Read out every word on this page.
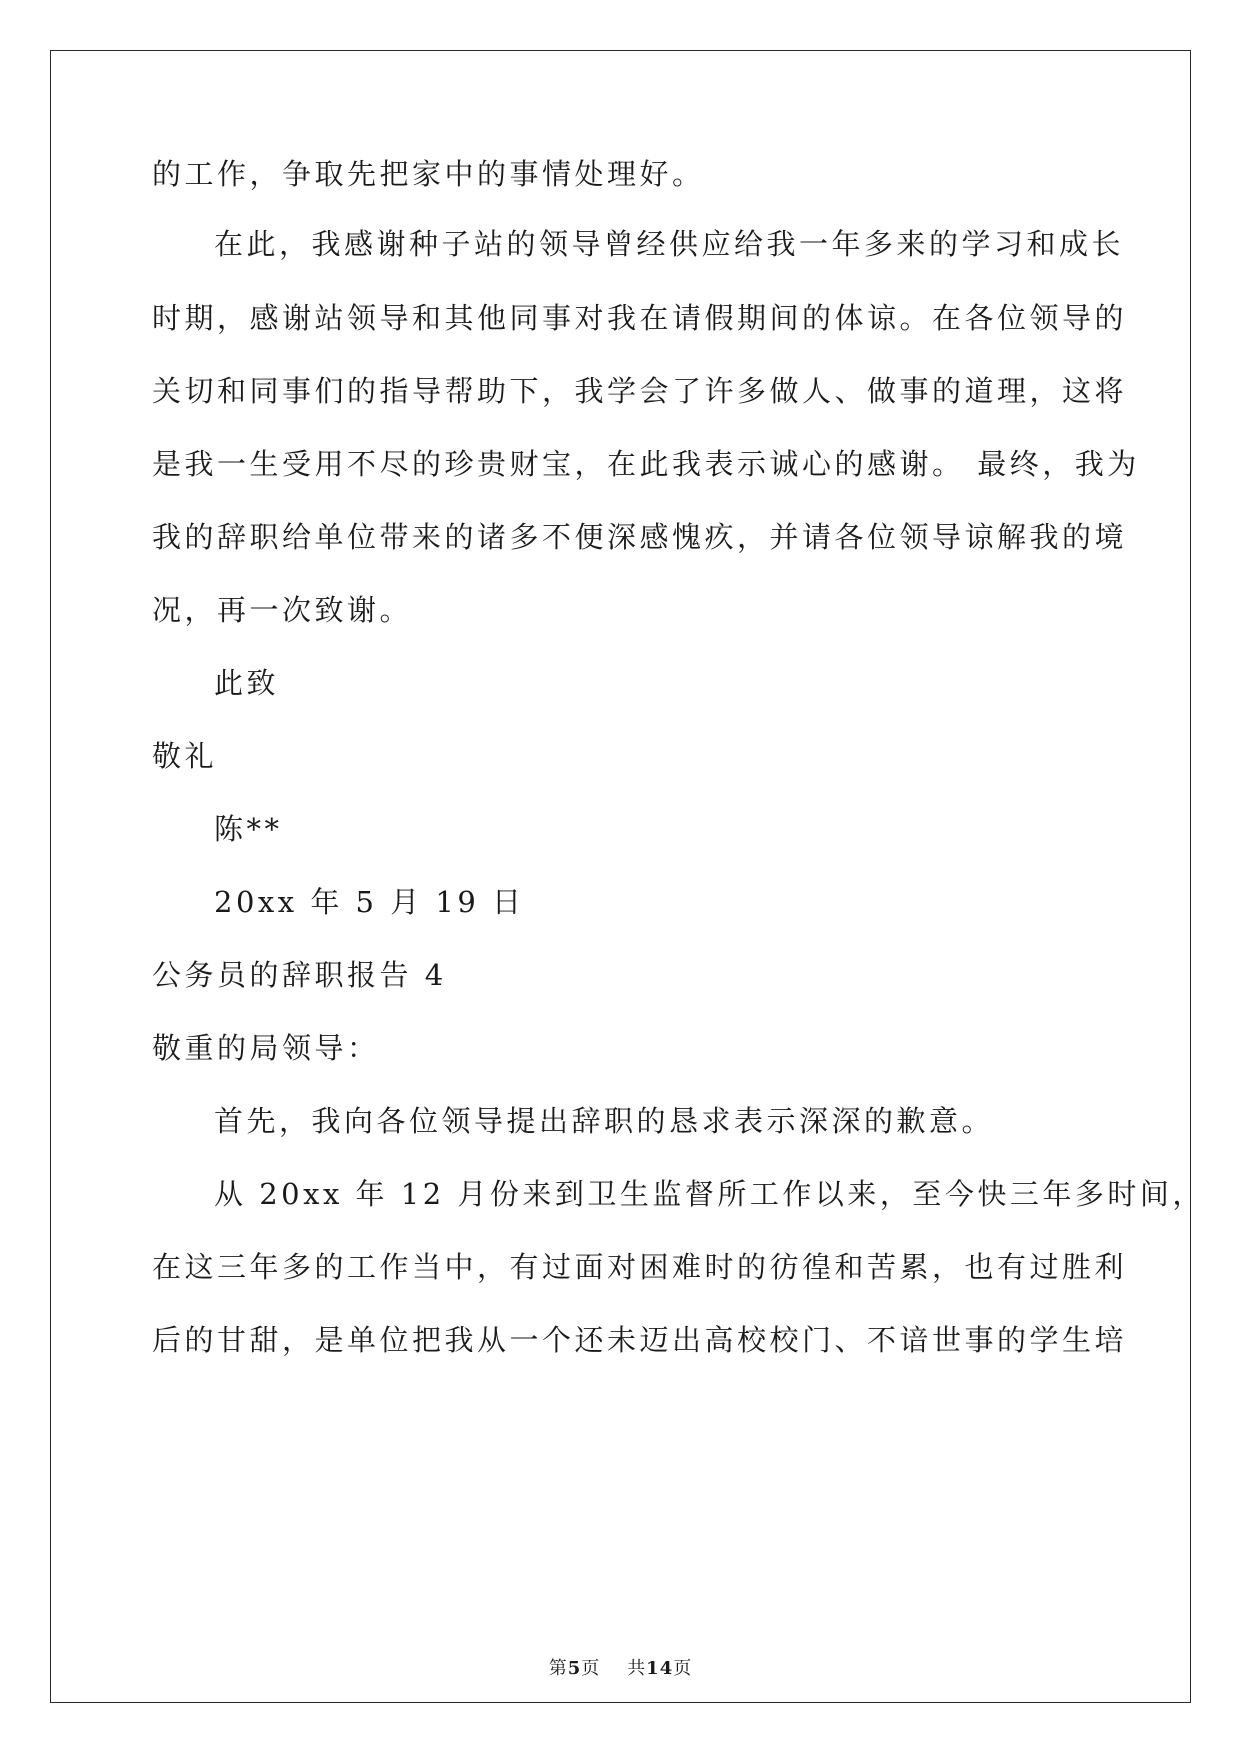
的工作，争取先把家中的事情处理好。
在此，我感谢种子站的领导曾经供应给我一年多来的学习和成长
时期，感谢站领导和其他同事对我在请假期间的体谅。在各位领导的
关切和同事们的指导帮助下，我学会了许多做人、做事的道理，这将
是我一生受用不尽的珍贵财宝，在此我表示诚心的感谢。 最终，我为
我的辞职给单位带来的诸多不便深感愧疚，并请各位领导谅解我的境
况，再一次致谢。
此致
敬礼
陈**
20xx 年 5 月 19 日
公务员的辞职报告 4
敬重的局领导：
首先，我向各位领导提出辞职的恳求表示深深的歉意。
从 20xx 年 12 月份来到卫生监督所工作以来，至今快三年多时间，
在这三年多的工作当中，有过面对困难时的彷徨和苦累，也有过胜利
后的甘甜，是单位把我从一个还未迈出高校校门、不谙世事的学生培
第5页 共14页
